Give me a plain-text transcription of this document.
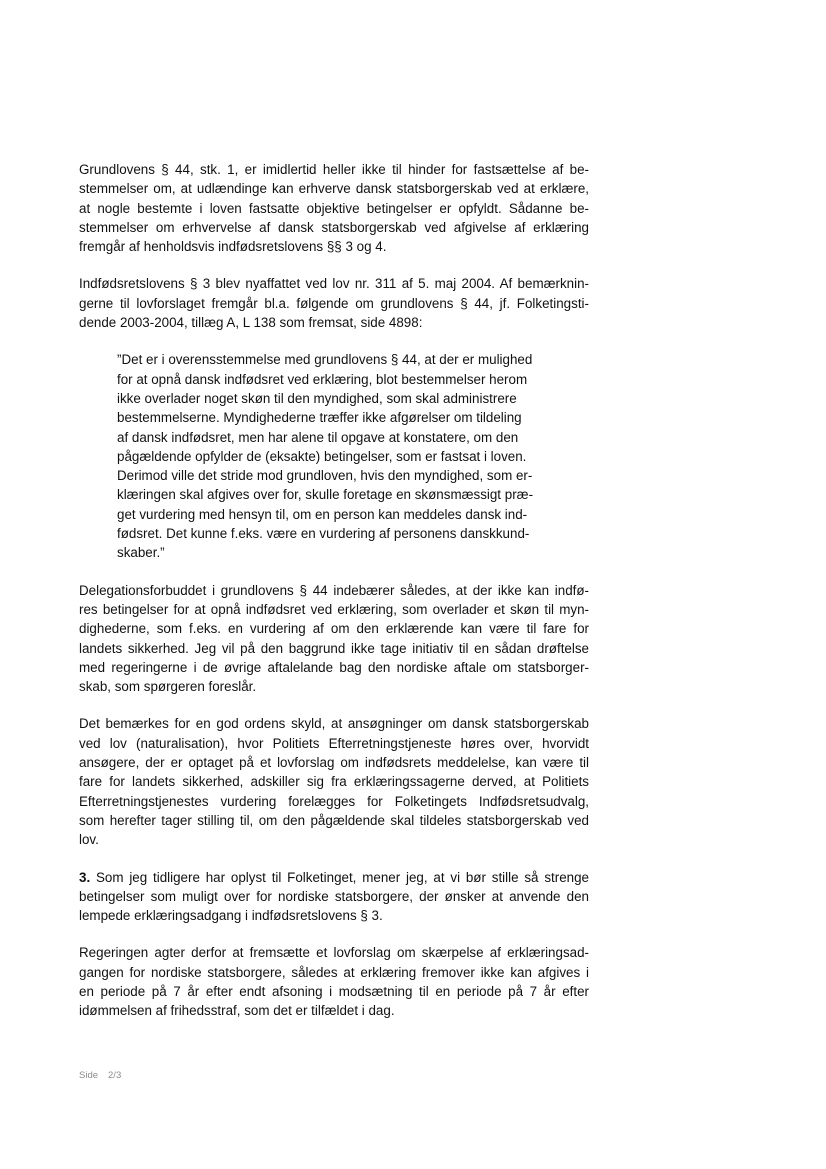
Grundlovens § 44, stk. 1, er imidlertid heller ikke til hinder for fastsættelse af be-
stemmelser om, at udlændinge kan erhverve dansk statsborgerskab ved at erklære,
at nogle bestemte i loven fastsatte objektive betingelser er opfyldt. Sådanne be-
stemmelser om erhvervelse af dansk statsborgerskab ved afgivelse af erklæring
fremgår af henholdsvis indfødsretslovens §§ 3 og 4.

Indfødsretslovens § 3 blev nyaffattet ved lov nr. 311 af 5. maj 2004. Af bemærknin-
gerne til lovforslaget fremgår bl.a. følgende om grundlovens § 44, jf. Folketingsti-
dende 2003-2004, tillæg A, L 138 som fremsat, side 4898:

”Det er i overensstemmelse med grundlovens § 44, at der er mulighed
for at opnå dansk indfødsret ved erklæring, blot bestemmelser herom
ikke overlader noget skøn til den myndighed, som skal administrere
bestemmelserne. Myndighederne træffer ikke afgørelser om tildeling
af dansk indfødsret, men har alene til opgave at konstatere, om den
pågældende opfylder de (eksakte) betingelser, som er fastsat i loven.
Derimod ville det stride mod grundloven, hvis den myndighed, som er-
klæringen skal afgives over for, skulle foretage en skønsmæssigt præ-
get vurdering med hensyn til, om en person kan meddeles dansk ind-
fødsret. Det kunne f.eks. være en vurdering af personens danskkund-
skaber.”

Delegationsforbuddet i grundlovens § 44 indebærer således, at der ikke kan indfø-
res betingelser for at opnå indfødsret ved erklæring, som overlader et skøn til myn-
dighederne, som f.eks. en vurdering af om den erklærende kan være til fare for
landets sikkerhed. Jeg vil på den baggrund ikke tage initiativ til en sådan drøftelse
med regeringerne i de øvrige aftalelande bag den nordiske aftale om statsborger-
skab, som spørgeren foreslår.

Det bemærkes for en god ordens skyld, at ansøgninger om dansk statsborgerskab
ved lov (naturalisation), hvor Politiets Efterretningstjeneste høres over, hvorvidt
ansøgere, der er optaget på et lovforslag om indfødsrets meddelelse, kan være til
fare for landets sikkerhed, adskiller sig fra erklæringssagerne derved, at Politiets
Efterretningstjenestes vurdering forelægges for Folketingets Indfødsretsudvalg,
som herefter tager stilling til, om den pågældende skal tildeles statsborgerskab ved
lov.

3. Som jeg tidligere har oplyst til Folketinget, mener jeg, at vi bør stille så strenge
betingelser som muligt over for nordiske statsborgere, der ønsker at anvende den
lempede erklæringsadgang i indfødsretslovens § 3.

Regeringen agter derfor at fremsætte et lovforslag om skærpelse af erklæringsad-
gangen for nordiske statsborgere, således at erklæring fremover ikke kan afgives i
en periode på 7 år efter endt afsoning i modsætning til en periode på 7 år efter
idømmelsen af frihedsstraf, som det er tilfældet i dag.

Side 2/3
